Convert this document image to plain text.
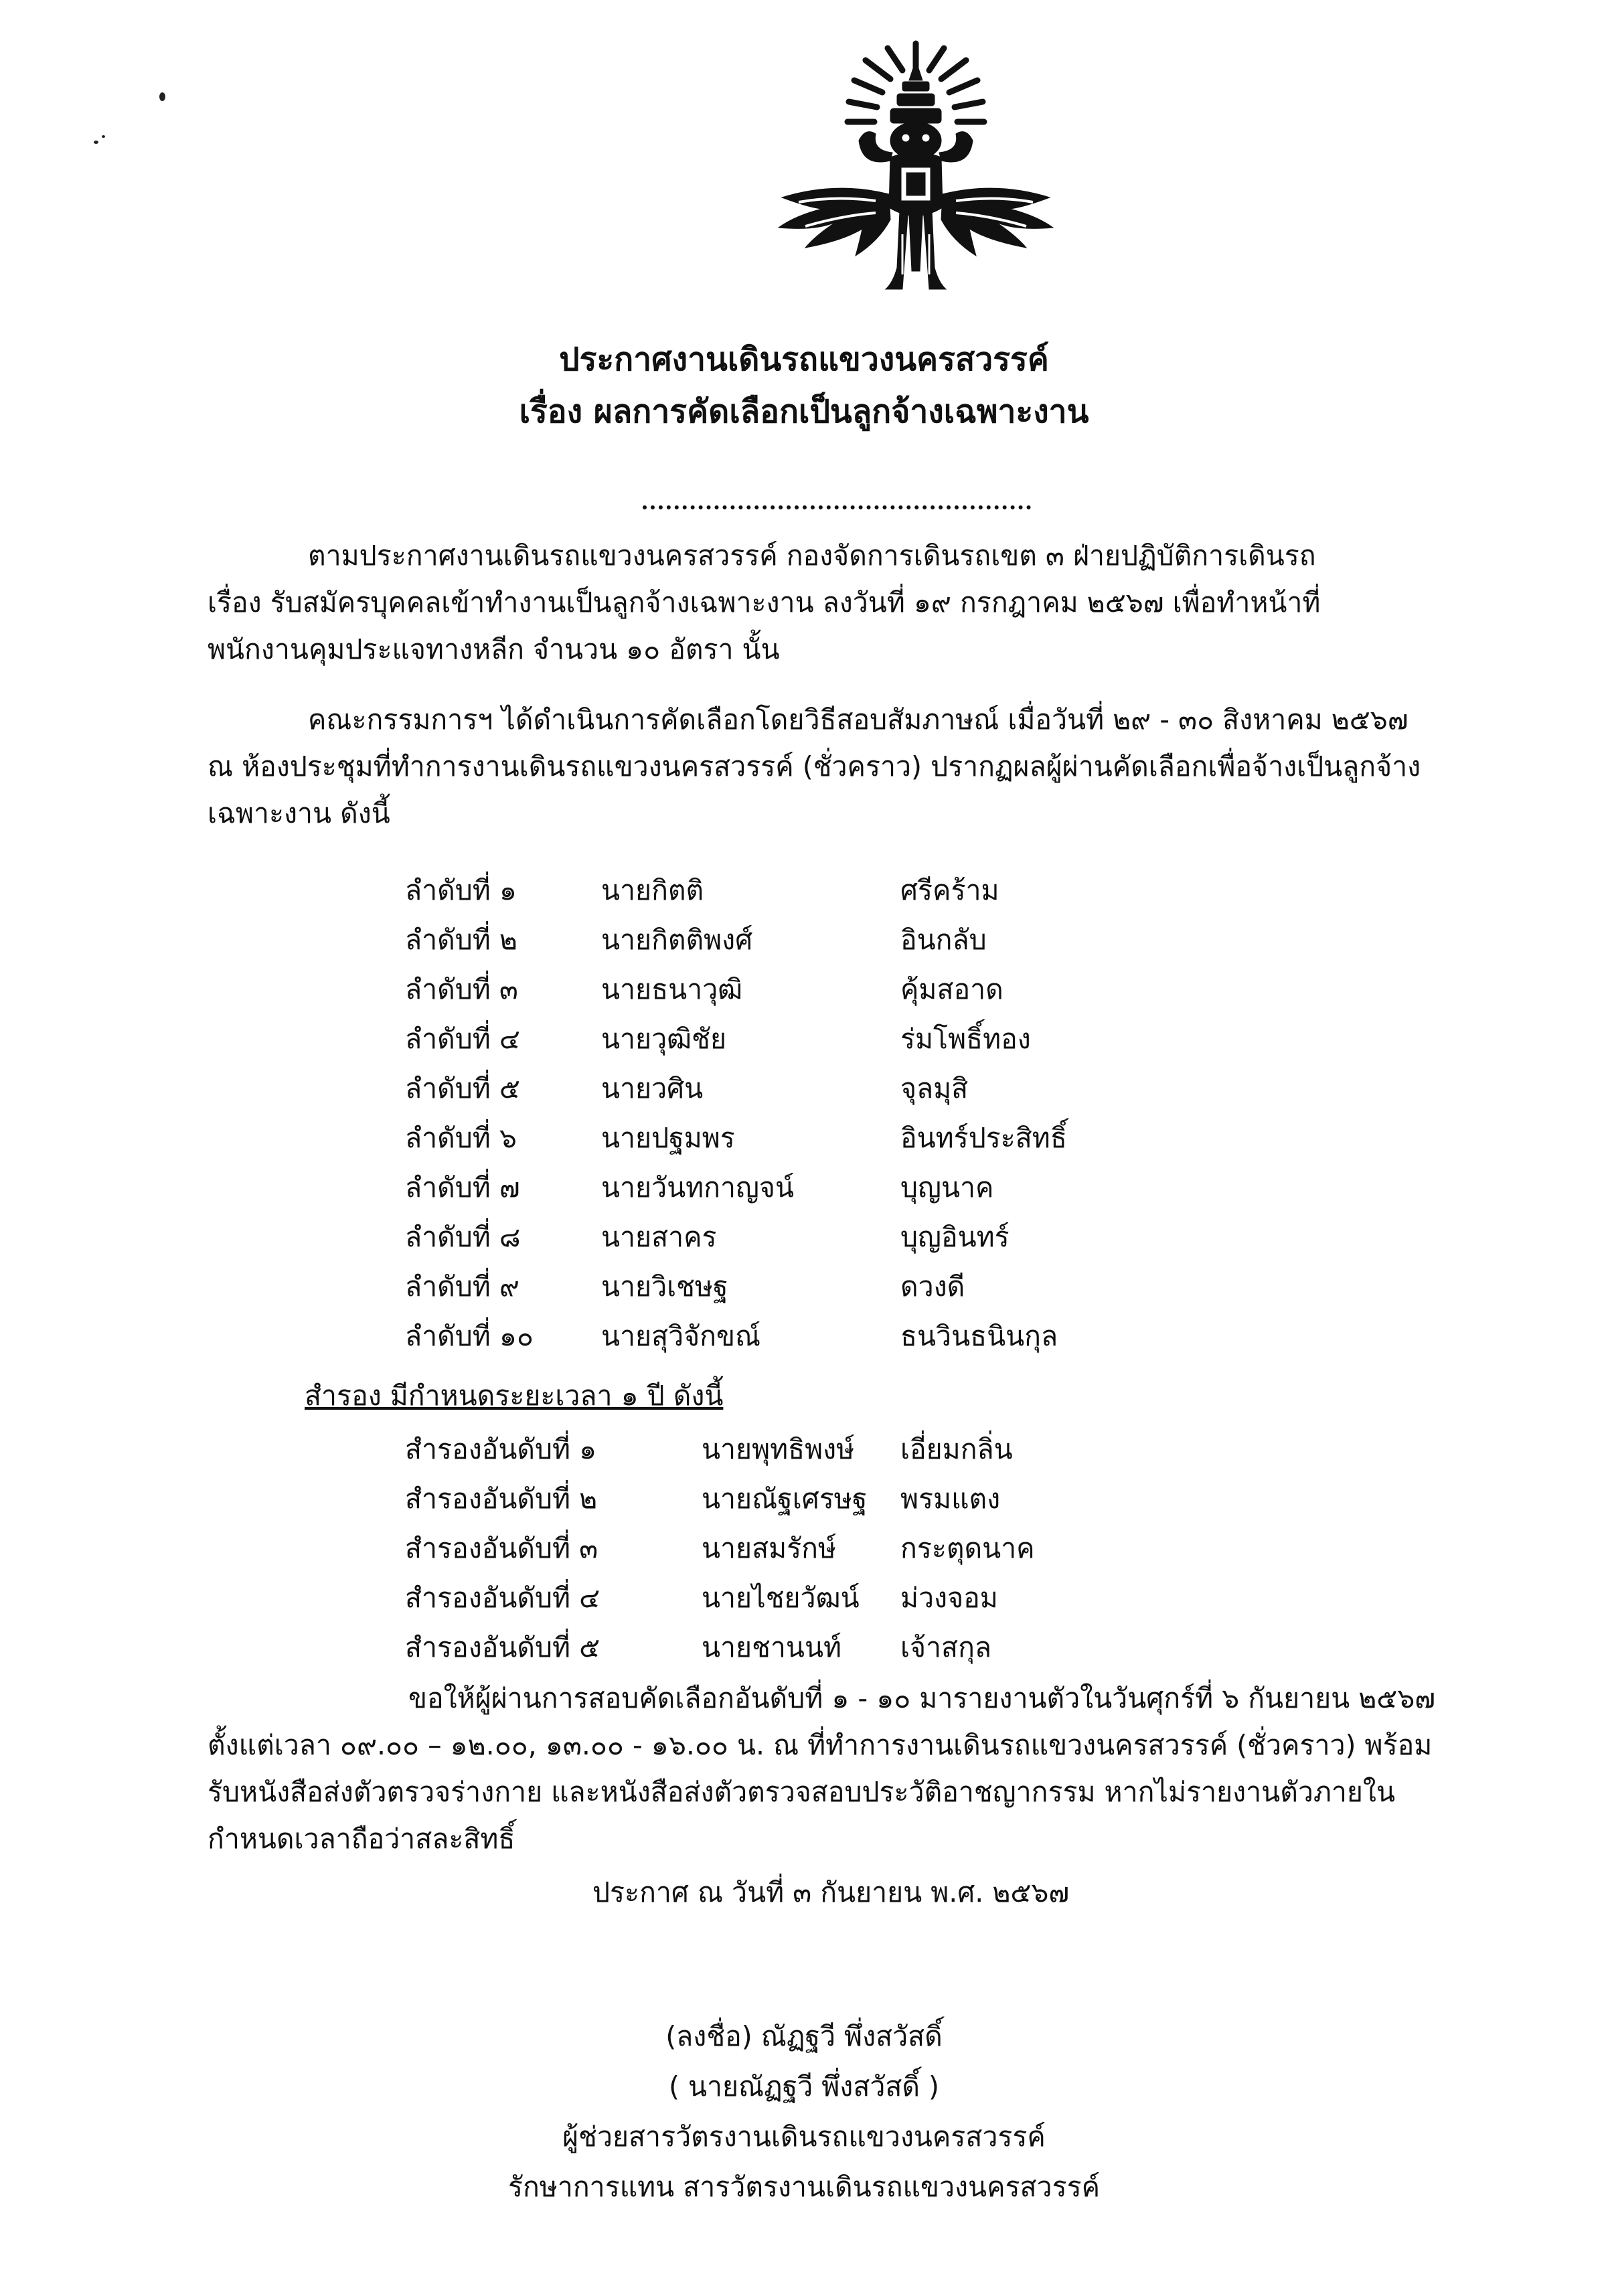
ประกาศงานเดินรถแขวงนครสวรรค์
เรื่อง ผลการคัดเลือกเป็นลูกจ้างเฉพาะงาน
ตามประกาศงานเดินรถแขวงนครสวรรค์ กองจัดการเดินรถเขต ๓ ฝ่ายปฏิบัติการเดินรถ
เรื่อง รับสมัครบุคคลเข้าทำงานเป็นลูกจ้างเฉพาะงาน ลงวันที่ ๑๙ กรกฎาคม ๒๕๖๗ เพื่อทำหน้าที่
พนักงานคุมประแจทางหลีก จำนวน ๑๐ อัตรา นั้น
คณะกรรมการฯ ได้ดำเนินการคัดเลือกโดยวิธีสอบสัมภาษณ์ เมื่อวันที่ ๒๙ - ๓๐ สิงหาคม ๒๕๖๗
ณ ห้องประชุมที่ทำการงานเดินรถแขวงนครสวรรค์ (ชั่วคราว) ปรากฏผลผู้ผ่านคัดเลือกเพื่อจ้างเป็นลูกจ้าง
เฉพาะงาน ดังนี้
ลำดับที่ ๑	นายกิตติ	ศรีคร้าม
ลำดับที่ ๒	นายกิตติพงศ์	อินกลับ
ลำดับที่ ๓	นายธนาวุฒิ	คุ้มสอาด
ลำดับที่ ๔	นายวุฒิชัย	ร่มโพธิ์ทอง
ลำดับที่ ๕	นายวศิน	จุลมุสิ
ลำดับที่ ๖	นายปฐมพร	อินทร์ประสิทธิ์
ลำดับที่ ๗	นายวันทกาญจน์	บุญนาค
ลำดับที่ ๘	นายสาคร	บุญอินทร์
ลำดับที่ ๙	นายวิเชษฐ	ดวงดี
ลำดับที่ ๑๐ นายสุวิจักขณ์	ธนวินธนินกุล
สำรอง มีกำหนดระยะเวลา ๑ ปี ดังนี้
สำรองอันดับที่ ๑	นายพุทธิพงษ์ เอี่ยมกลิ่น
สำรองอันดับที่ ๒	นายณัฐเศรษฐ พรมแตง
สำรองอันดับที่ ๓	นายสมรักษ์ กระตุดนาค
สำรองอันดับที่ ๔	นายไชยวัฒน์ ม่วงจอม
สำรองอันดับที่ ๕	นายชานนท์ เจ้าสกุล
ขอให้ผู้ผ่านการสอบคัดเลือกอันดับที่ ๑ - ๑๐ มารายงานตัวในวันศุกร์ที่ ๖ กันยายน ๒๕๖๗
ตั้งแต่เวลา ๐๙.๐๐ – ๑๒.๐๐, ๑๓.๐๐ - ๑๖.๐๐ น. ณ ที่ทำการงานเดินรถแขวงนครสวรรค์ (ชั่วคราว) พร้อม
รับหนังสือส่งตัวตรวจร่างกาย และหนังสือส่งตัวตรวจสอบประวัติอาชญากรรม หากไม่รายงานตัวภายใน
กำหนดเวลาถือว่าสละสิทธิ์
ประกาศ ณ วันที่ ๓ กันยายน พ.ศ. ๒๕๖๗
(ลงชื่อ) ณัฏฐวี พึ่งสวัสดิ์
( นายณัฏฐวี พึ่งสวัสดิ์ )
ผู้ช่วยสารวัตรงานเดินรถแขวงนครสวรรค์
รักษาการแทน สารวัตรงานเดินรถแขวงนครสวรรค์
